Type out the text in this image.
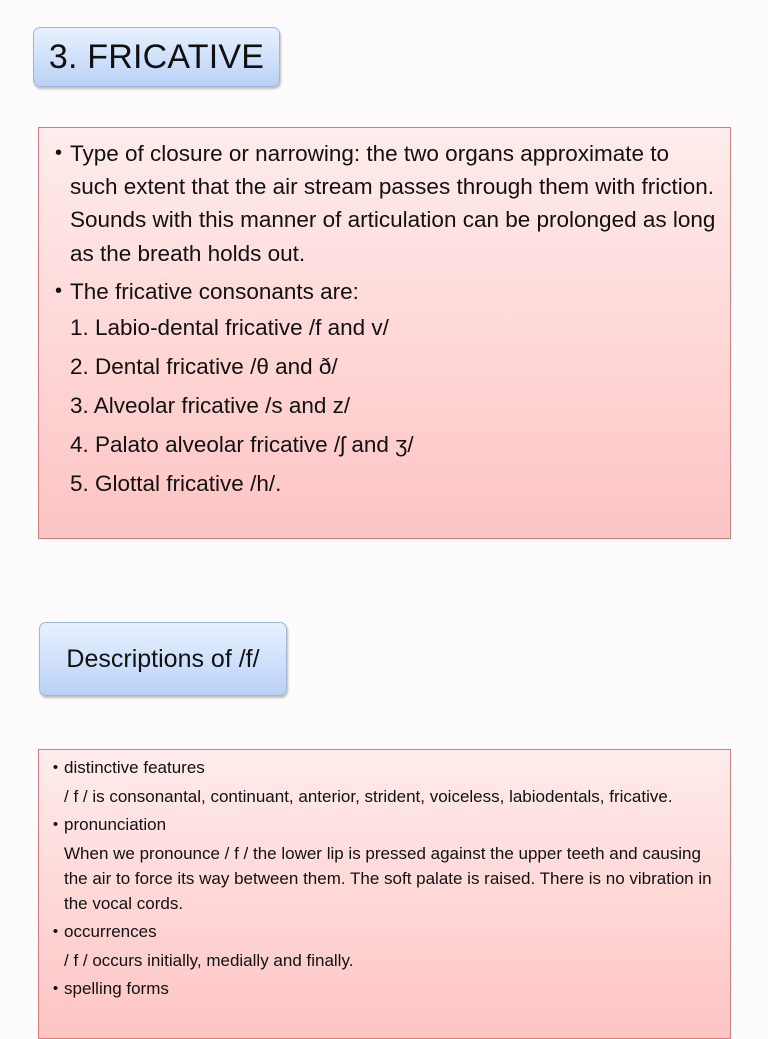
3. FRICATIVE
• Type of closure or narrowing: the two organs approximate to such extent that the air stream passes through them with friction. Sounds with this manner of articulation can be prolonged as long as the breath holds out.
• The fricative consonants are:
1. Labio-dental fricative /f and v/
2. Dental fricative /θ and ð/
3. Alveolar fricative /s and z/
4. Palato alveolar fricative /ʃ and ʒ/
5. Glottal fricative /h/.
Descriptions of /f/
• distinctive features
/ f / is consonantal, continuant, anterior, strident, voiceless, labiodentals, fricative.
• pronunciation
When we pronounce / f / the lower lip is pressed against the upper teeth and causing the air to force its way between them. The soft palate is raised. There is no vibration in the vocal cords.
• occurrences
/ f / occurs initially, medially and finally.
• spelling forms
